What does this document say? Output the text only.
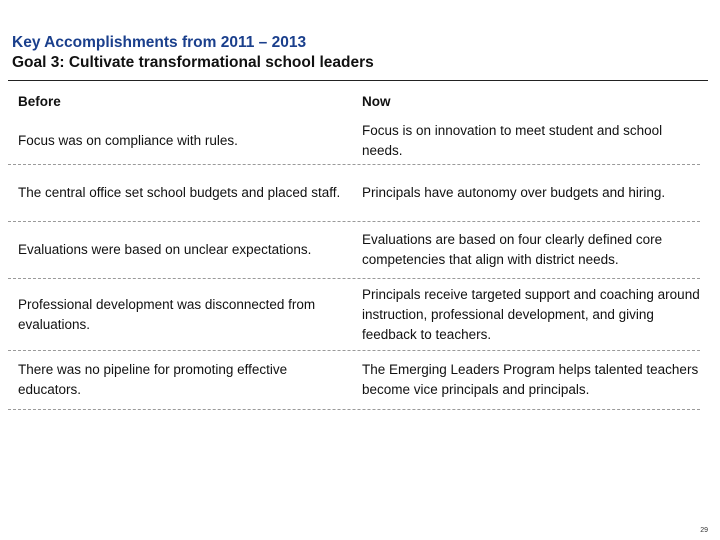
Key Accomplishments from 2011 – 2013
Goal 3: Cultivate transformational school leaders
Before	Now
Focus was on compliance with rules.
Focus is on innovation to meet student and school needs.
The central office set school budgets and placed staff.	Principals have autonomy over budgets and hiring.
Evaluations were based on unclear expectations.
Evaluations are based on four clearly defined core competencies that align with district needs.
Professional development was disconnected from evaluations.
Principals receive targeted support and coaching around instruction, professional development, and giving feedback to teachers.
There was no pipeline for promoting effective educators.
The Emerging Leaders Program helps talented teachers become vice principals and principals.
29
